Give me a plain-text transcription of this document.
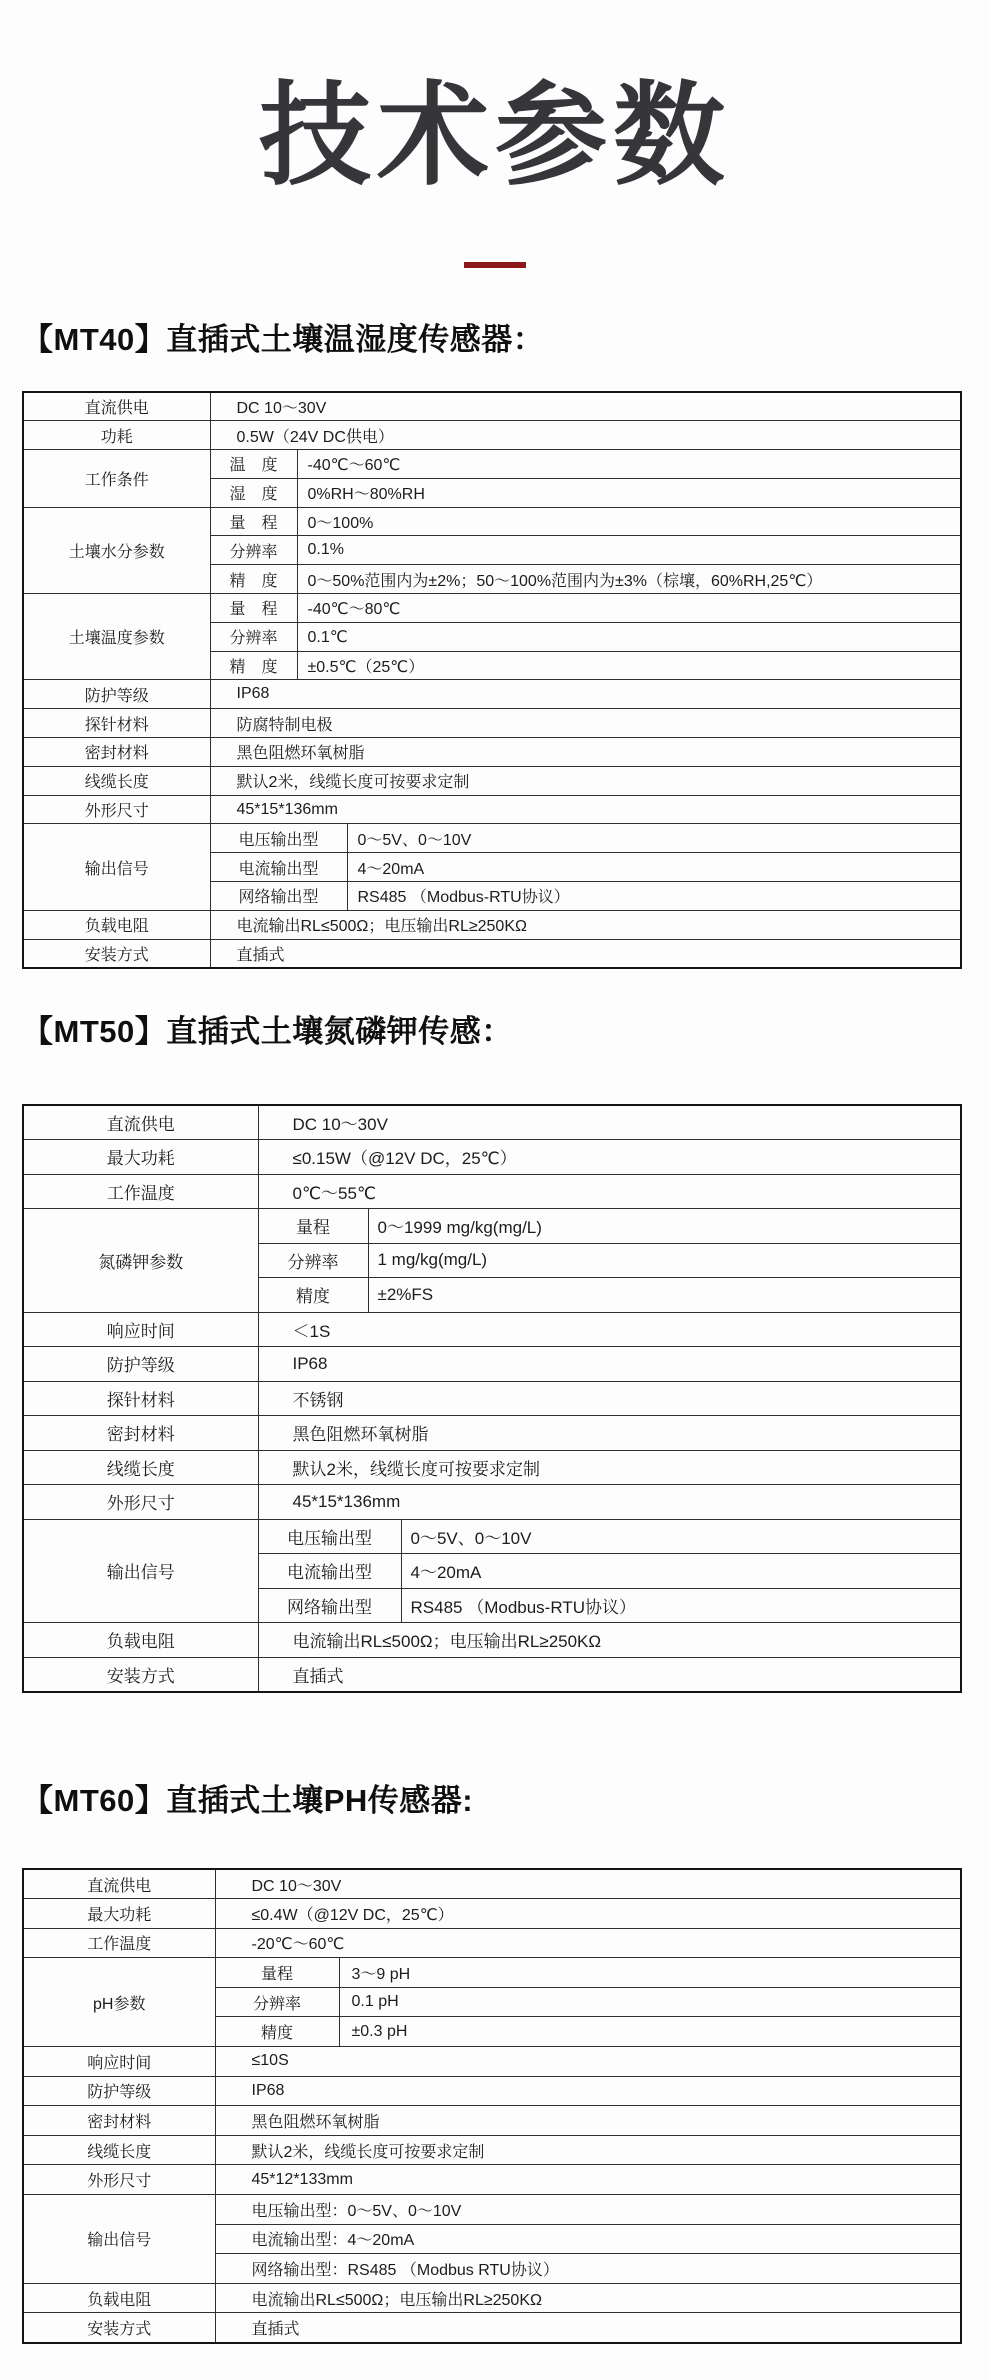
技术参数
【MT40】直插式土壤温湿度传感器：
直流供电	DC 10～30V		
功耗	0.5W（24V DC供电）		
工作条件	温　度	-40℃～60℃	
	湿　度	0%RH～80%RH	
土壤水分参数	量　程	0～100%	
	分辨率	0.1%	
	精　度	0～50%范围内为±2%；50～100%范围内为±3%（棕壤，60%RH,25℃）	
土壤温度参数	量　程	-40℃～80℃	
	分辨率	0.1℃	
	精　度	±0.5℃（25℃）	
防护等级	IP68		
探针材料	防腐特制电极		
密封材料	黑色阻燃环氧树脂		
线缆长度	默认2米，线缆长度可按要求定制		
外形尺寸	45*15*136mm		
输出信号	电压输出型		0～5V、0～10V
	电流输出型		4～20mA
	网络输出型		RS485 （Modbus-RTU协议）
负载电阻	电流输出RL≤500Ω；电压输出RL≥250KΩ		
安装方式	直插式		
【MT50】直插式土壤氮磷钾传感：
直流供电	DC 10～30V		
最大功耗	≤0.15W（@12V DC，25℃）		
工作温度	0℃～55℃		
氮磷钾参数	量程	0～1999 mg/kg(mg/L)	
	分辨率	1 mg/kg(mg/L)	
	精度	±2%FS	
响应时间	＜1S		
防护等级	IP68		
探针材料	不锈钢		
密封材料	黑色阻燃环氧树脂		
线缆长度	默认2米，线缆长度可按要求定制		
外形尺寸	45*15*136mm		
输出信号	电压输出型		0～5V、0～10V
	电流输出型		4～20mA
	网络输出型		RS485 （Modbus-RTU协议）
负载电阻	电流输出RL≤500Ω；电压输出RL≥250KΩ		
安装方式	直插式		
【MT60】直插式土壤PH传感器:
直流供电	DC 10～30V	
最大功耗	≤0.4W（@12V DC，25℃）	
工作温度	-20℃～60℃	
pH参数	量程	3～9 pH
	分辨率	0.1 pH
	精度	±0.3 pH
响应时间	≤10S	
防护等级	IP68	
密封材料	黑色阻燃环氧树脂	
线缆长度	默认2米，线缆长度可按要求定制	
外形尺寸	45*12*133mm	
输出信号	电压输出型：0～5V、0～10V	
	电流输出型：4～20mA	
	网络输出型：RS485 （Modbus RTU协议）	
负载电阻	电流输出RL≤500Ω；电压输出RL≥250KΩ	
安装方式	直插式	
